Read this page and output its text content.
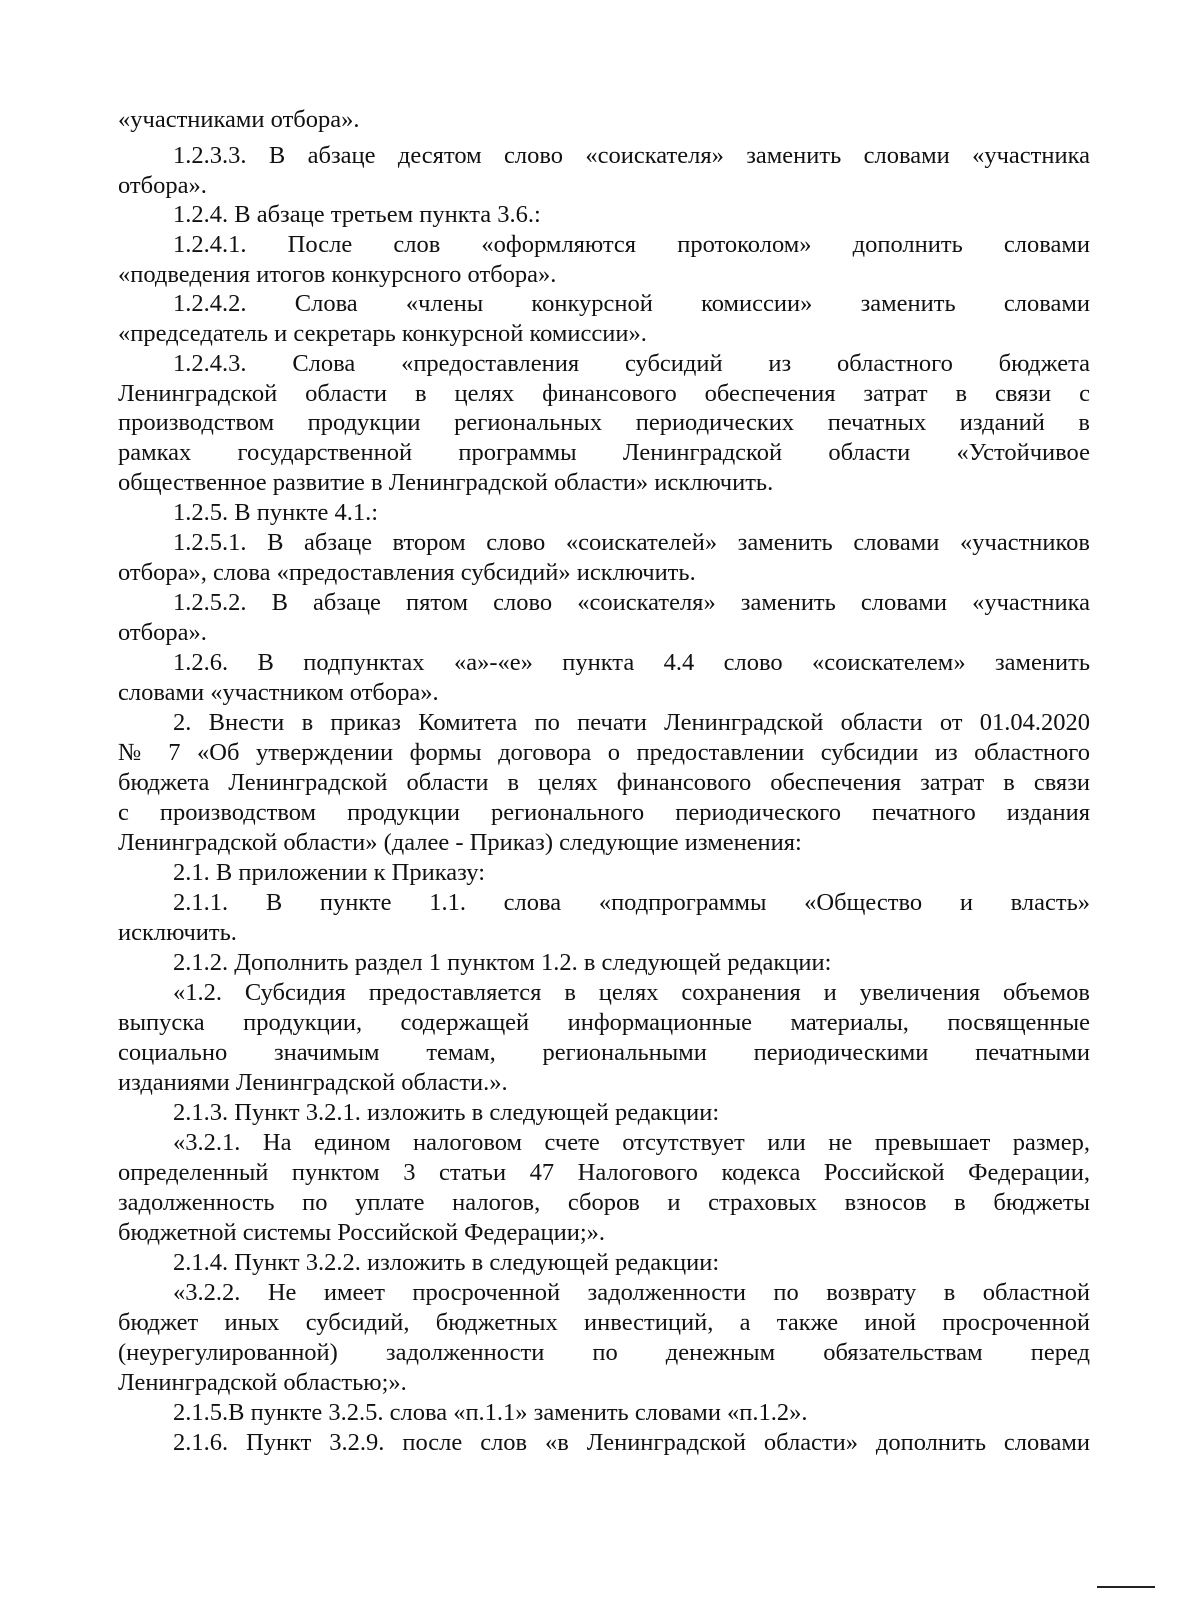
«участниками отбора».
1.2.3.3. В абзаце десятом слово «соискателя» заменить словами «участника
отбора».
1.2.4. В абзаце третьем пункта 3.6.:
1.2.4.1. После слов «оформляются протоколом» дополнить словами
«подведения итогов конкурсного отбора».
1.2.4.2. Слова «члены конкурсной комиссии» заменить словами
«председатель и секретарь конкурсной комиссии».
1.2.4.3. Слова «предоставления субсидий из областного бюджета
Ленинградской области в целях финансового обеспечения затрат в связи с
производством продукции региональных периодических печатных изданий в
рамках государственной программы Ленинградской области «Устойчивое
общественное развитие в Ленинградской области» исключить.
1.2.5. В пункте 4.1.:
1.2.5.1. В абзаце втором слово «соискателей» заменить словами «участников
отбора», слова «предоставления субсидий» исключить.
1.2.5.2. В абзаце пятом слово «соискателя» заменить словами «участника
отбора».
1.2.6. В подпунктах «а»-«е» пункта 4.4 слово «соискателем» заменить
словами «участником отбора».
2. Внести в приказ Комитета по печати Ленинградской области от 01.04.2020
№ 7 «Об утверждении формы договора о предоставлении субсидии из областного
бюджета Ленинградской области в целях финансового обеспечения затрат в связи
с производством продукции регионального периодического печатного издания
Ленинградской области» (далее - Приказ) следующие изменения:
2.1. В приложении к Приказу:
2.1.1. В пункте 1.1. слова «подпрограммы «Общество и власть»
исключить.
2.1.2. Дополнить раздел 1 пунктом 1.2. в следующей редакции:
«1.2. Субсидия предоставляется в целях сохранения и увеличения объемов
выпуска продукции, содержащей информационные материалы, посвященные
социально значимым темам, региональными периодическими печатными
изданиями Ленинградской области.».
2.1.3. Пункт 3.2.1. изложить в следующей редакции:
«3.2.1. На едином налоговом счете отсутствует или не превышает размер,
определенный пунктом 3 статьи 47 Налогового кодекса Российской Федерации,
задолженность по уплате налогов, сборов и страховых взносов в бюджеты
бюджетной системы Российской Федерации;».
2.1.4. Пункт 3.2.2. изложить в следующей редакции:
«3.2.2. Не имеет просроченной задолженности по возврату в областной
бюджет иных субсидий, бюджетных инвестиций, а также иной просроченной
(неурегулированной) задолженности по денежным обязательствам перед
Ленинградской областью;».
2.1.5.В пункте 3.2.5. слова «п.1.1» заменить словами «п.1.2».
2.1.6. Пункт 3.2.9. после слов «в Ленинградской области» дополнить словами
